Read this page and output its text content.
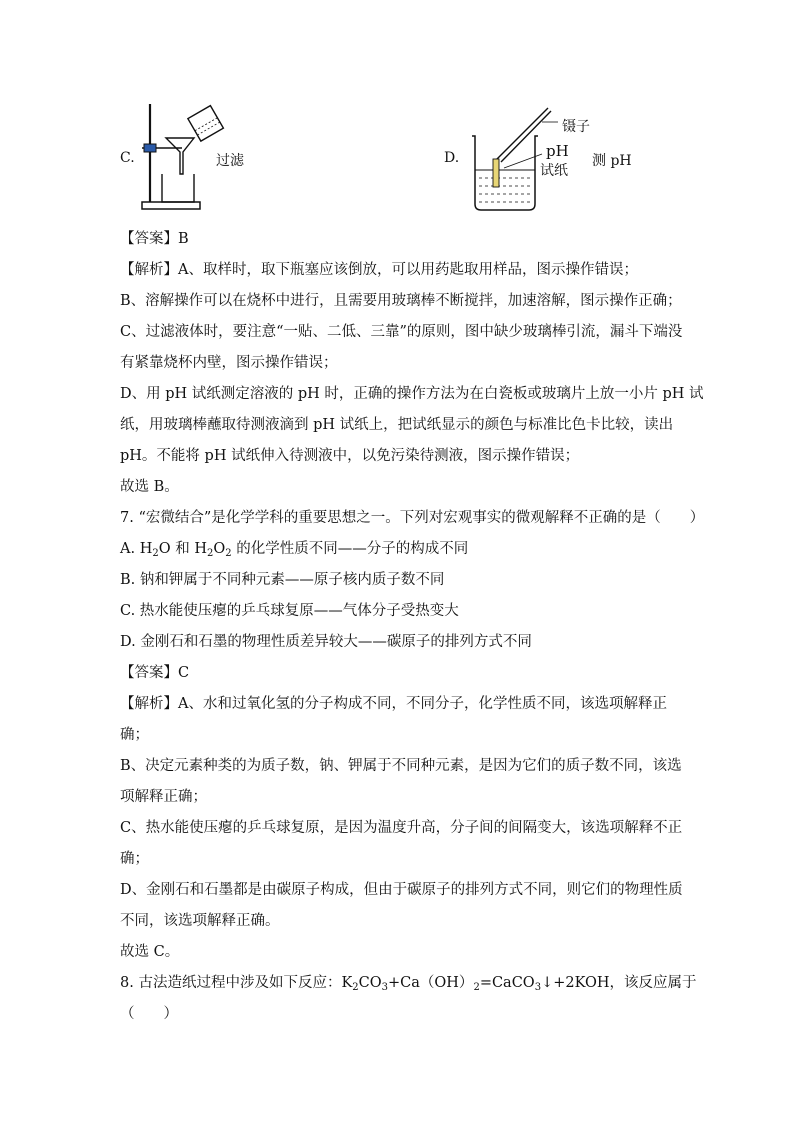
C.	过滤	D.
镊子
pH
试纸
测 pH
【答案】B
【解析】A、取样时，取下瓶塞应该倒放，可以用药匙取用样品，图示操作错误；
B、溶解操作可以在烧杯中进行，且需要用玻璃棒不断搅拌，加速溶解，图示操作正确；
C、过滤液体时，要注意“一贴、二低、三靠”的原则，图中缺少玻璃棒引流，漏斗下端没
有紧靠烧杯内壁，图示操作错误；
D、用 pH 试纸测定溶液的 pH 时，正确的操作方法为在白瓷板或玻璃片上放一小片 pH 试
纸，用玻璃棒蘸取待测液滴到 pH 试纸上，把试纸显示的颜色与标准比色卡比较，读出
pH。不能将 pH 试纸伸入待测液中，以免污染待测液，图示操作错误；
故选 B。
7. “宏微结合”是化学学科的重要思想之一。下列对宏观事实的微观解释不正确的是（　　）
A. $H_2O$ 和 $H_2O_2$ 的化学性质不同——分子的构成不同
B. 钠和钾属于不同种元素——原子核内质子数不同
C. 热水能使压瘪的乒乓球复原——气体分子受热变大
D. 金刚石和石墨的物理性质差异较大——碳原子的排列方式不同
【答案】C
【解析】A、水和过氧化氢的分子构成不同，不同分子，化学性质不同，该选项解释正
确；
B、决定元素种类的为质子数，钠、钾属于不同种元素，是因为它们的质子数不同，该选
项解释正确；
C、热水能使压瘪的乒乓球复原，是因为温度升高，分子间的间隔变大，该选项解释不正
确；
D、金刚石和石墨都是由碳原子构成，但由于碳原子的排列方式不同，则它们的物理性质
不同，该选项解释正确。
故选 C。
8. 古法造纸过程中涉及如下反应：$K_2CO_3+Ca(OH)_2=CaCO_3↓+2KOH$，该反应属于
（　　）
